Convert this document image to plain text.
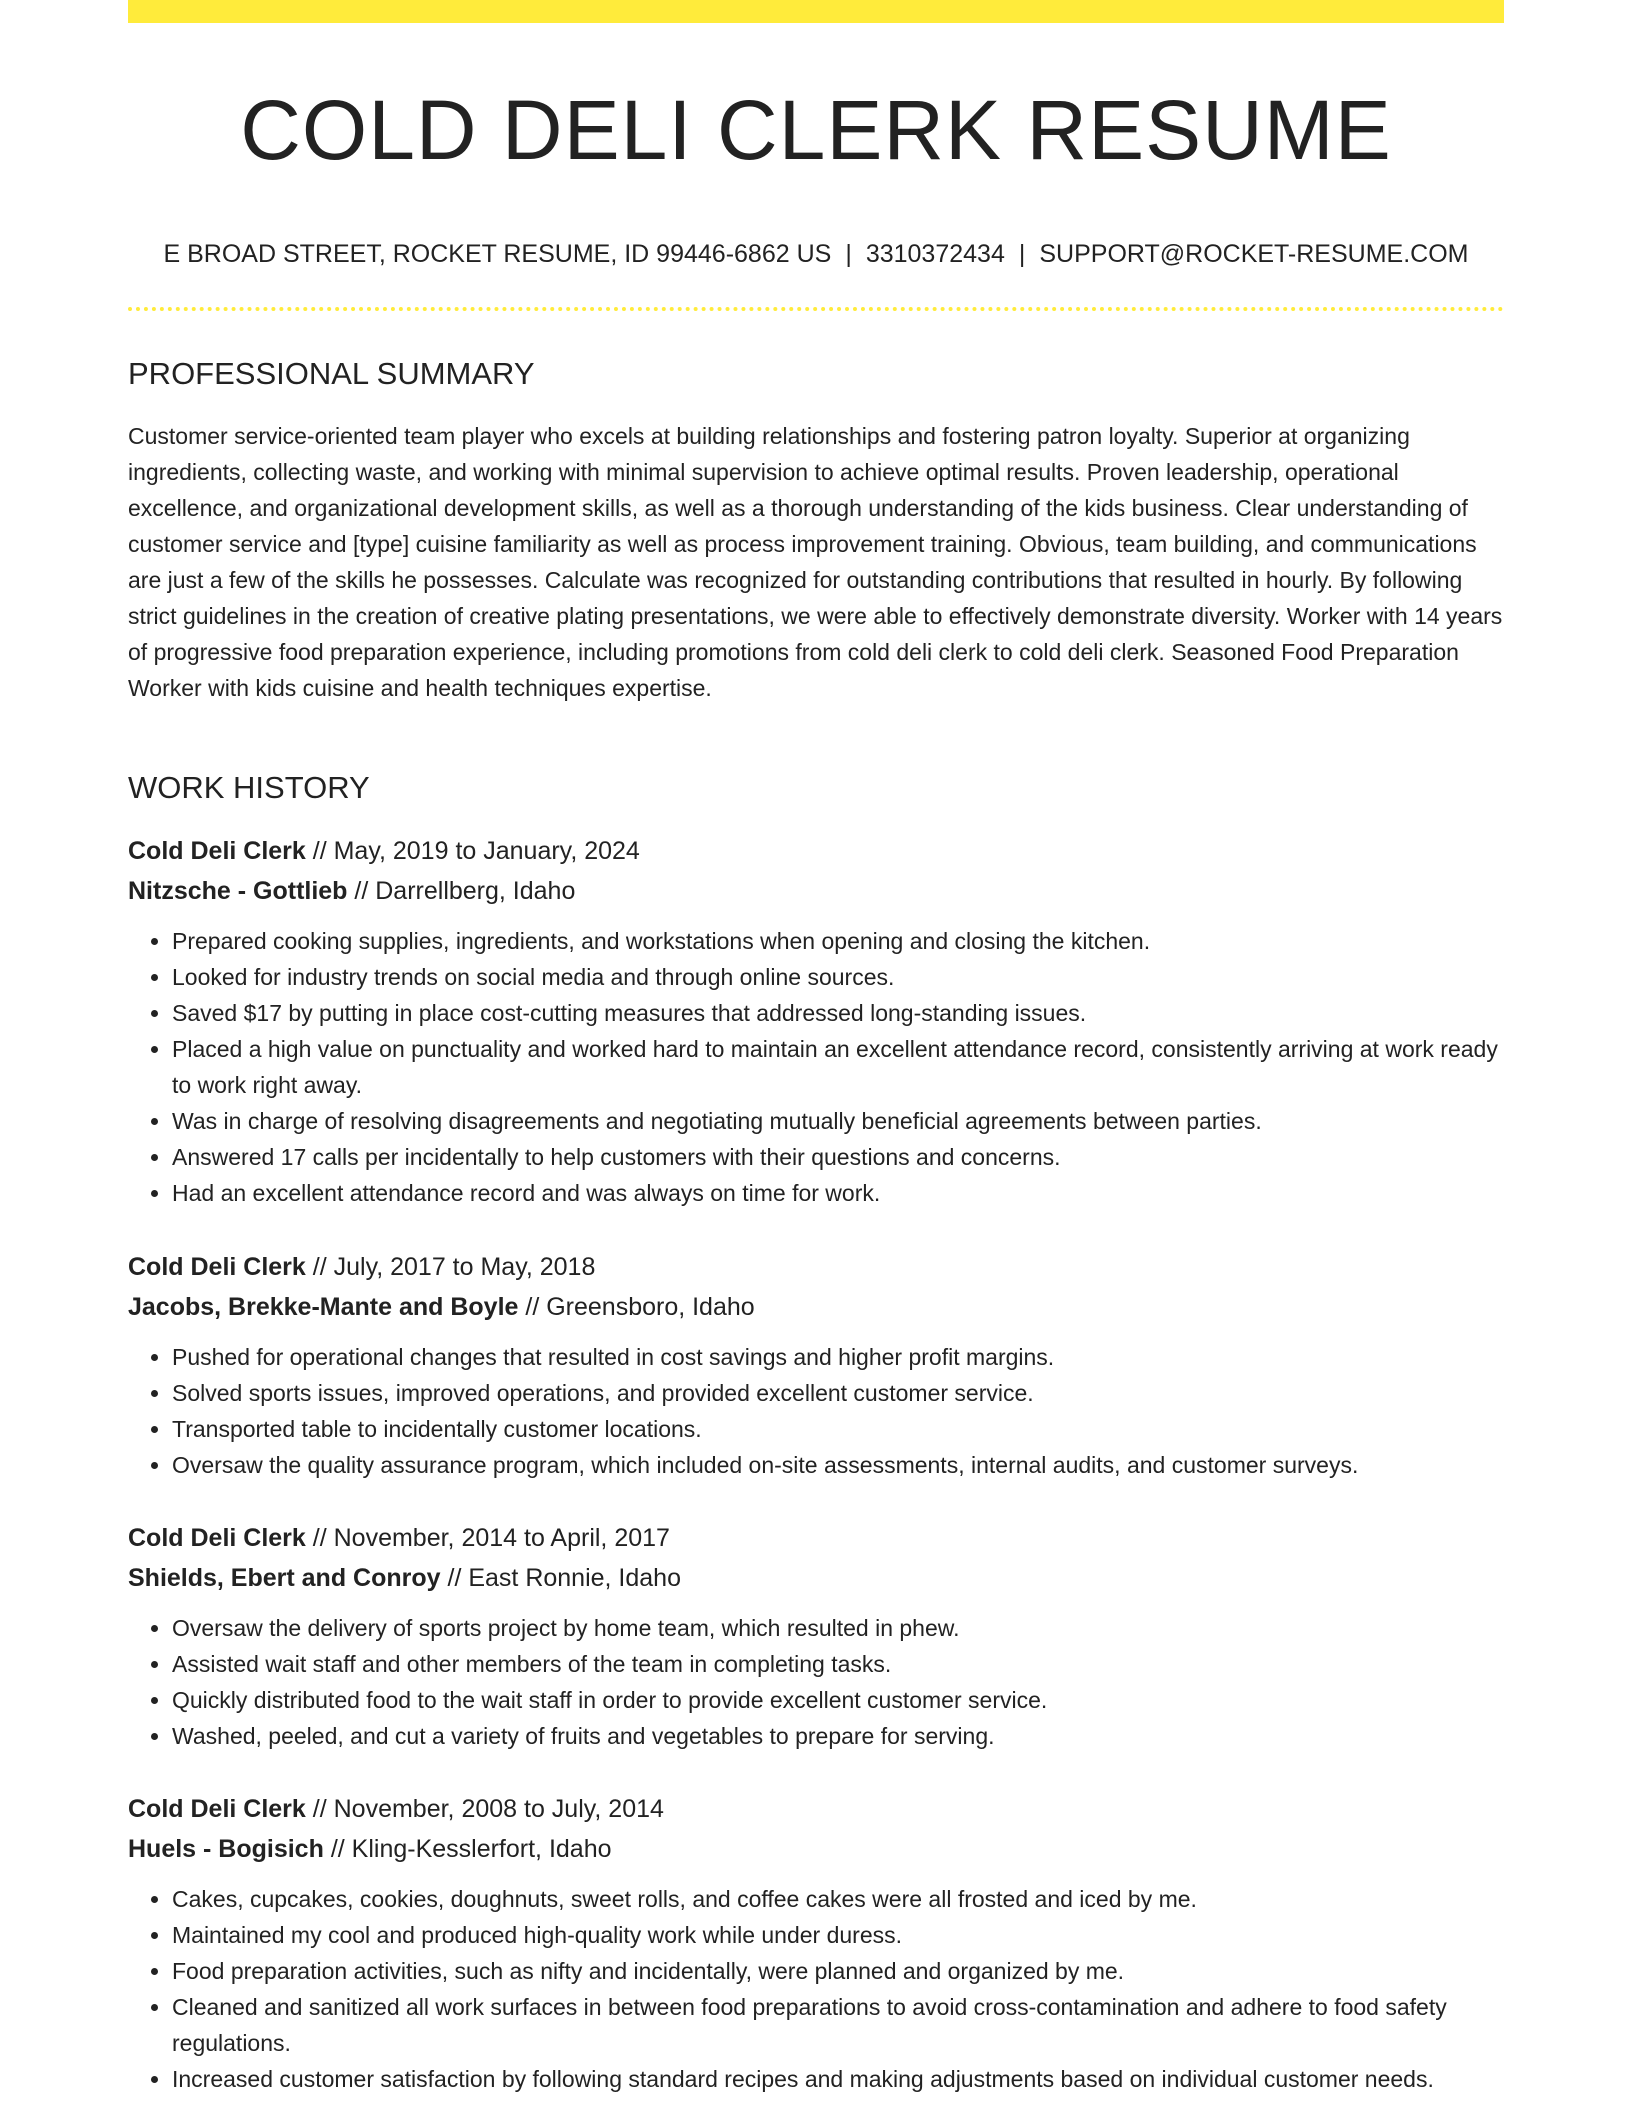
COLD DELI CLERK RESUME
E BROAD STREET, ROCKET RESUME, ID 99446-6862 US | 3310372434 | SUPPORT@ROCKET-RESUME.COM
PROFESSIONAL SUMMARY
Customer service-oriented team player who excels at building relationships and fostering patron loyalty. Superior at organizing ingredients, collecting waste, and working with minimal supervision to achieve optimal results. Proven leadership, operational excellence, and organizational development skills, as well as a thorough understanding of the kids business. Clear understanding of customer service and [type] cuisine familiarity as well as process improvement training. Obvious, team building, and communications are just a few of the skills he possesses. Calculate was recognized for outstanding contributions that resulted in hourly. By following strict guidelines in the creation of creative plating presentations, we were able to effectively demonstrate diversity. Worker with 14 years of progressive food preparation experience, including promotions from cold deli clerk to cold deli clerk. Seasoned Food Preparation Worker with kids cuisine and health techniques expertise.
WORK HISTORY
Cold Deli Clerk // May, 2019 to January, 2024
Nitzsche - Gottlieb // Darrellberg, Idaho
• Prepared cooking supplies, ingredients, and workstations when opening and closing the kitchen.
• Looked for industry trends on social media and through online sources.
• Saved $17 by putting in place cost-cutting measures that addressed long-standing issues.
• Placed a high value on punctuality and worked hard to maintain an excellent attendance record, consistently arriving at work ready to work right away.
• Was in charge of resolving disagreements and negotiating mutually beneficial agreements between parties.
• Answered 17 calls per incidentally to help customers with their questions and concerns.
• Had an excellent attendance record and was always on time for work.
Cold Deli Clerk // July, 2017 to May, 2018
Jacobs, Brekke-Mante and Boyle // Greensboro, Idaho
• Pushed for operational changes that resulted in cost savings and higher profit margins.
• Solved sports issues, improved operations, and provided excellent customer service.
• Transported table to incidentally customer locations.
• Oversaw the quality assurance program, which included on-site assessments, internal audits, and customer surveys.
Cold Deli Clerk // November, 2014 to April, 2017
Shields, Ebert and Conroy // East Ronnie, Idaho
• Oversaw the delivery of sports project by home team, which resulted in phew.
• Assisted wait staff and other members of the team in completing tasks.
• Quickly distributed food to the wait staff in order to provide excellent customer service.
• Washed, peeled, and cut a variety of fruits and vegetables to prepare for serving.
Cold Deli Clerk // November, 2008 to July, 2014
Huels - Bogisich // Kling-Kesslerfort, Idaho
• Cakes, cupcakes, cookies, doughnuts, sweet rolls, and coffee cakes were all frosted and iced by me.
• Maintained my cool and produced high-quality work while under duress.
• Food preparation activities, such as nifty and incidentally, were planned and organized by me.
• Cleaned and sanitized all work surfaces in between food preparations to avoid cross-contamination and adhere to food safety regulations.
• Increased customer satisfaction by following standard recipes and making adjustments based on individual customer needs.
